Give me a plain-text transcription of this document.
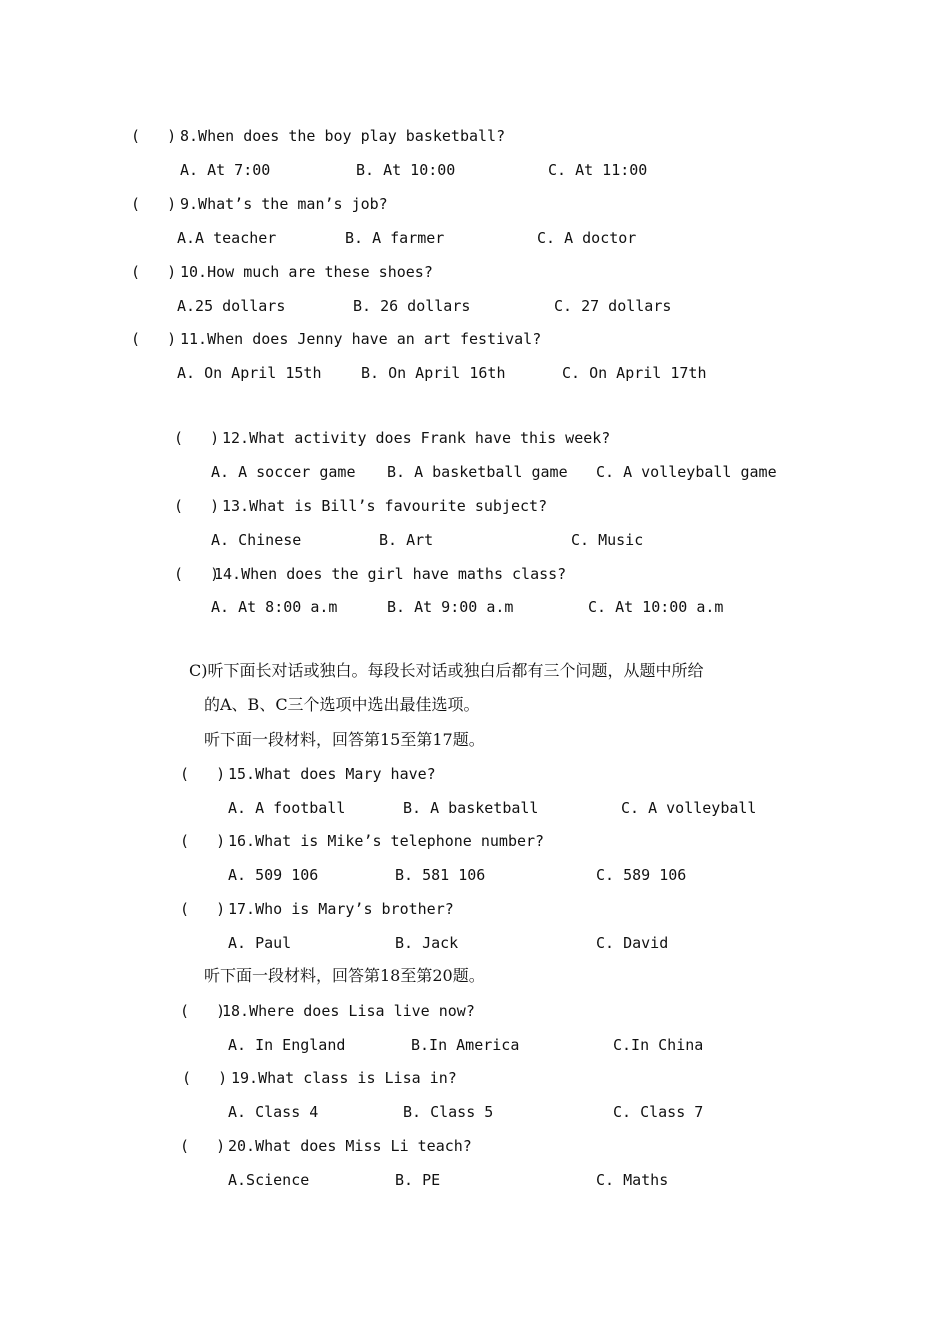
(   ) 8.When does the boy play basketball?
A. At 7:00	B. At 10:00	C. At 11:00
(   ) 9.What’s the man’s job?
A.A teacher	B. A farmer	C. A doctor
(   ) 10.How much are these shoes?
A.25 dollars	B. 26 dollars	C. 27 dollars
(   ) 11.When does Jenny have an art festival?
A. On April 15th	B. On April 16th	C. On April 17th
(   ) 12.What activity does Frank have this week?
A. A soccer game B. A basketball game C. A volleyball game
(   ) 13.What is Bill’s favourite subject?
A. Chinese	B. Art	C. Music
(   )
14.When does the girl have maths class?
A. At 8:00 a.m	B. At 9:00 a.m	C. At 10:00 a.m
C)听下面长对话或独白。每段长对话或独白后都有三个问题，从题中所给
的A、B、C三个选项中选出最佳选项。
听下面一段材料，回答第15至第17题。
(   ) 15.What does Mary have?
A. A football	B. A basketball	C. A volleyball
(   ) 16.What is Mike’s telephone number?
A. 509 106	B. 581 106	C. 589 106
(   ) 17.Who is Mary’s brother?
A. Paul	B. Jack	C. David
听下面一段材料，回答第18至第20题。
(   )
18.Where does Lisa live now?
A. In England	B.In America	C.In China
(   ) 19.What class is Lisa in?
A. Class 4	B. Class 5	C. Class 7
(   ) 20.What does Miss Li teach?
A.Science	B. PE	C. Maths
